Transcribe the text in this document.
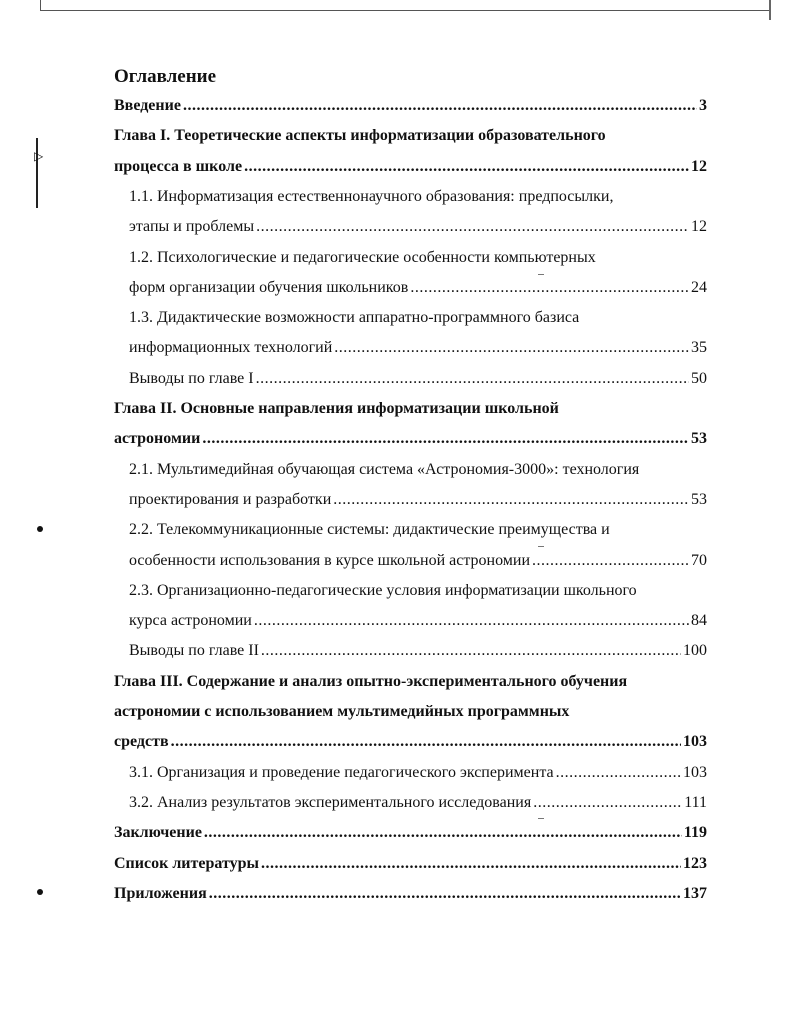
▷
Оглавление
Введение .....	3
Глава I. Теоретические аспекты информатизации образовательного
процесса в школе .....	12
1.1. Информатизация естественнонаучного образования: предпосылки,
этапы и проблемы .....	12
1.2. Психологические и педагогические особенности компьютерных
форм организации обучения школьников .....	24
1.3. Дидактические возможности аппаратно-программного базиса
информационных технологий .....	35
Выводы по главе I .....	50
Глава II. Основные направления информатизации школьной
астрономии .....	53
2.1. Мультимедийная обучающая система «Астрономия-3000»: технология
проектирования и разработки .....	53
2.2. Телекоммуникационные системы: дидактические преимущества и
особенности использования в курсе школьной астрономии .....	70
2.3. Организационно-педагогические условия информатизации школьного
курса астрономии .....	84
Выводы по главе II .....	100
Глава III. Содержание и анализ опытно-экспериментального обучения
астрономии с использованием мультимедийных программных
средств .....	103
3.1. Организация и проведение педагогического эксперимента .....	103
3.2. Анализ результатов экспериментального исследования .....	111
Заключение .....	119
Список литературы .....	123
Приложения .....	137
